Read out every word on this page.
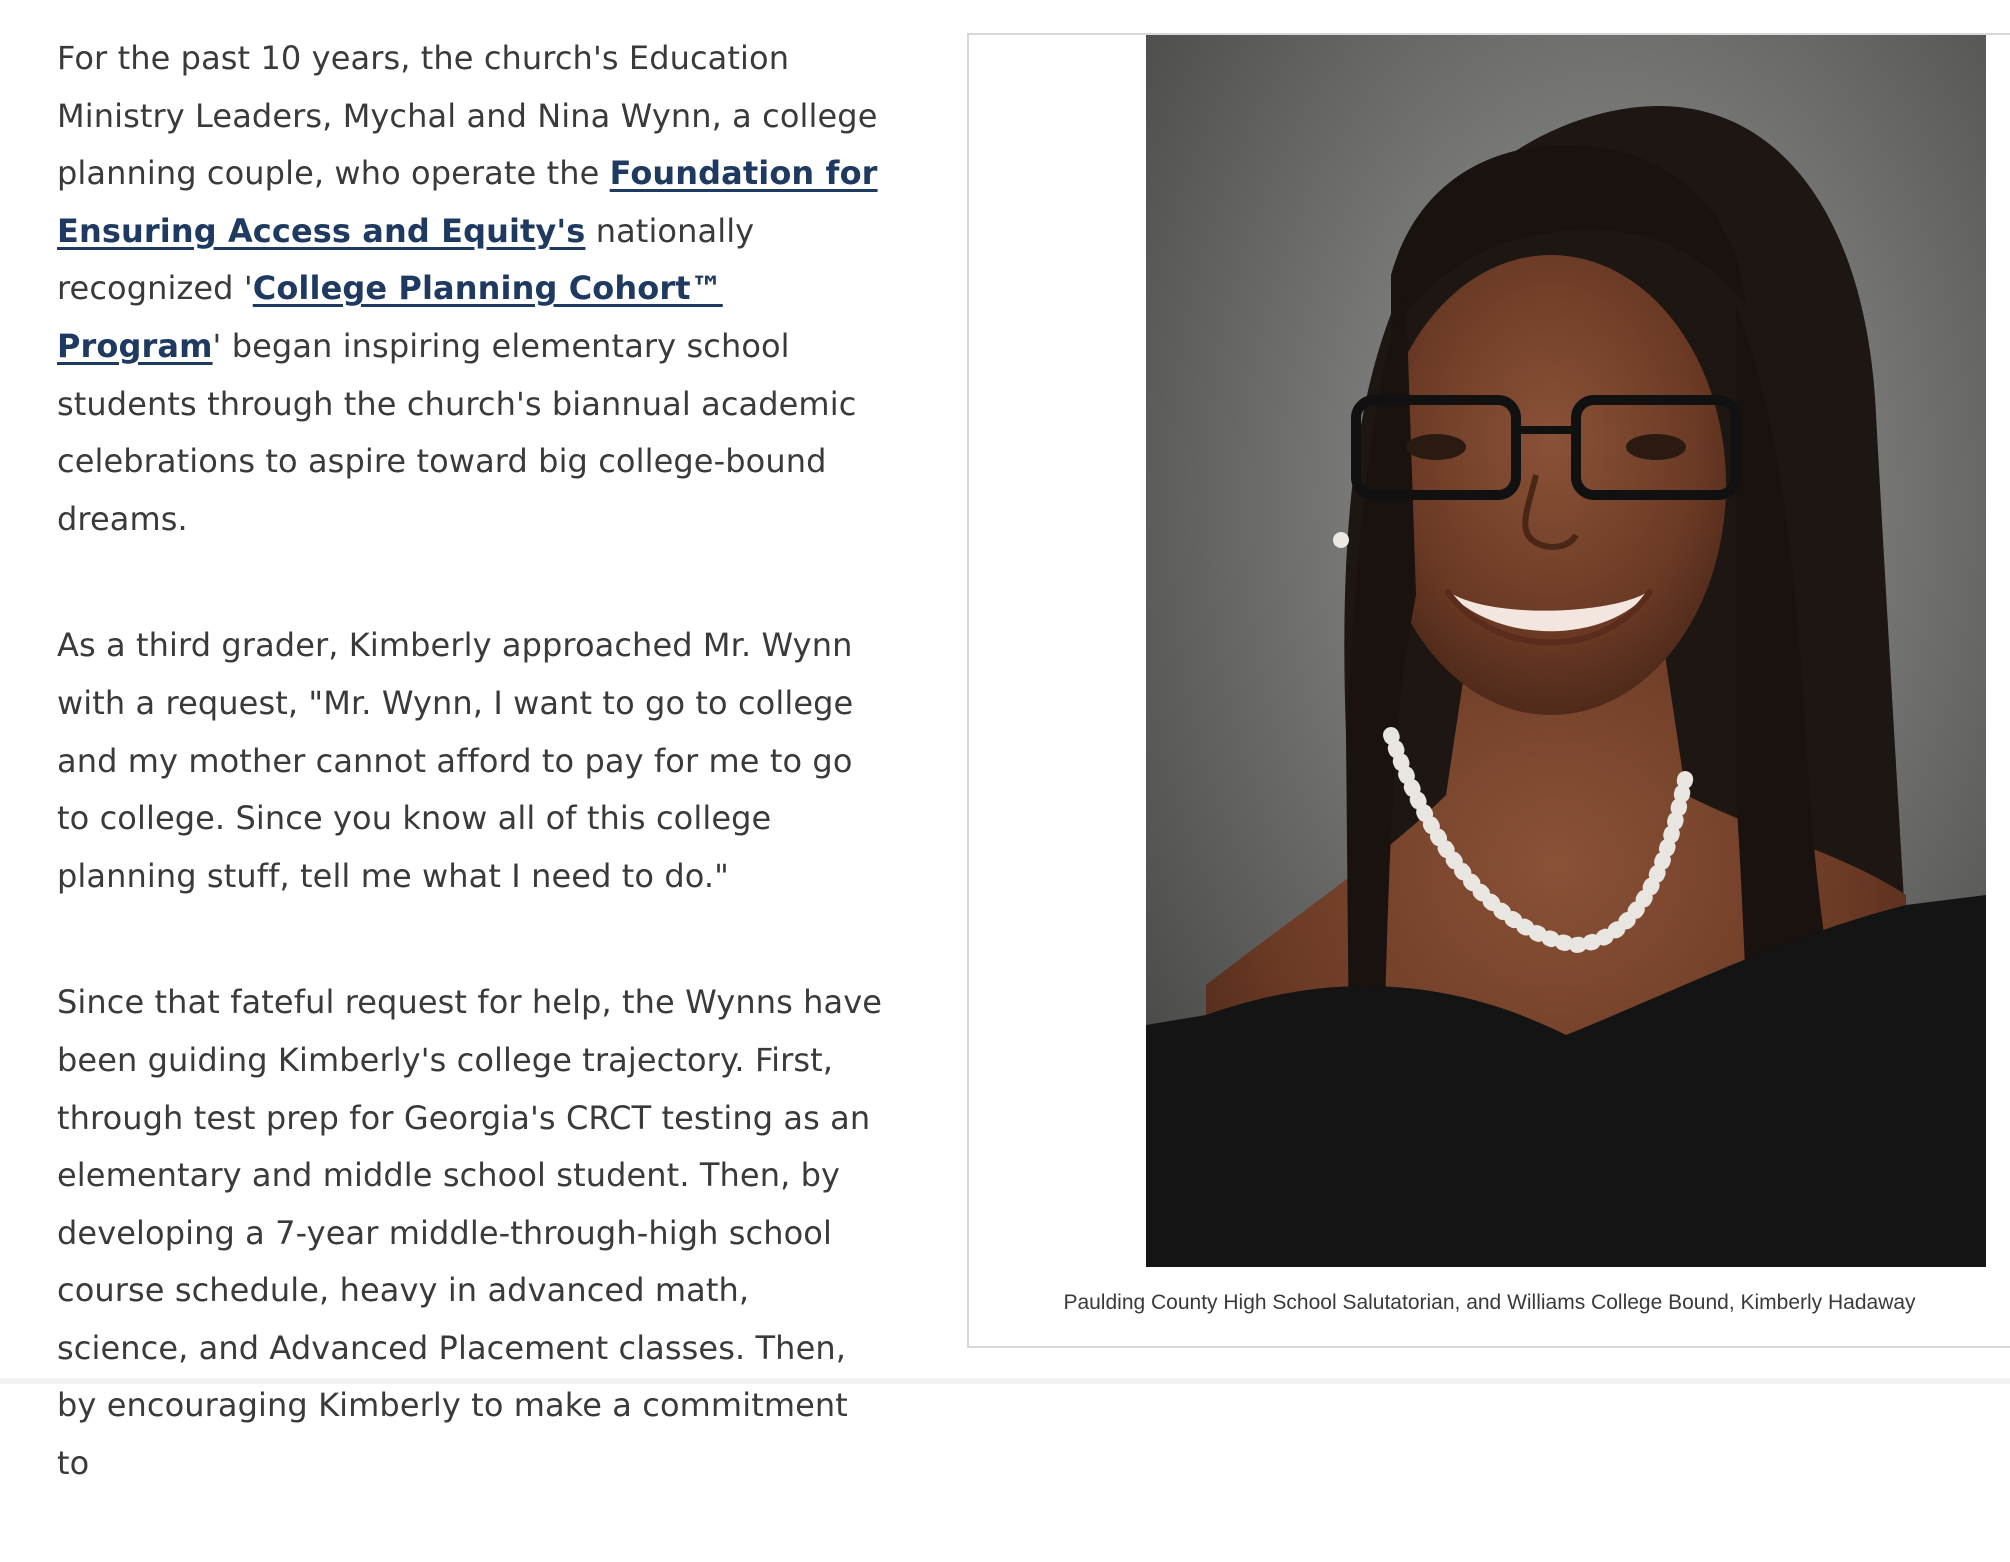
For the past 10 years, the church's Education Ministry Leaders, Mychal and Nina Wynn, a college planning couple, who operate the Foundation for Ensuring Access and Equity's nationally recognized 'College Planning Cohort™ Program' began inspiring elementary school students through the church's biannual academic celebrations to aspire toward big college-bound dreams.

As a third grader, Kimberly approached Mr. Wynn with a request, "Mr. Wynn, I want to go to college and my mother cannot afford to pay for me to go to college. Since you know all of this college planning stuff, tell me what I need to do."

Since that fateful request for help, the Wynns have been guiding Kimberly's college trajectory. First, through test prep for Georgia's CRCT testing as an elementary and middle school student. Then, by developing a 7-year middle-through-high school course schedule, heavy in advanced math, science, and Advanced Placement classes. Then, by encouraging Kimberly to make a commitment to

Paulding County High School Salutatorian, and Williams College Bound, Kimberly Hadaway
